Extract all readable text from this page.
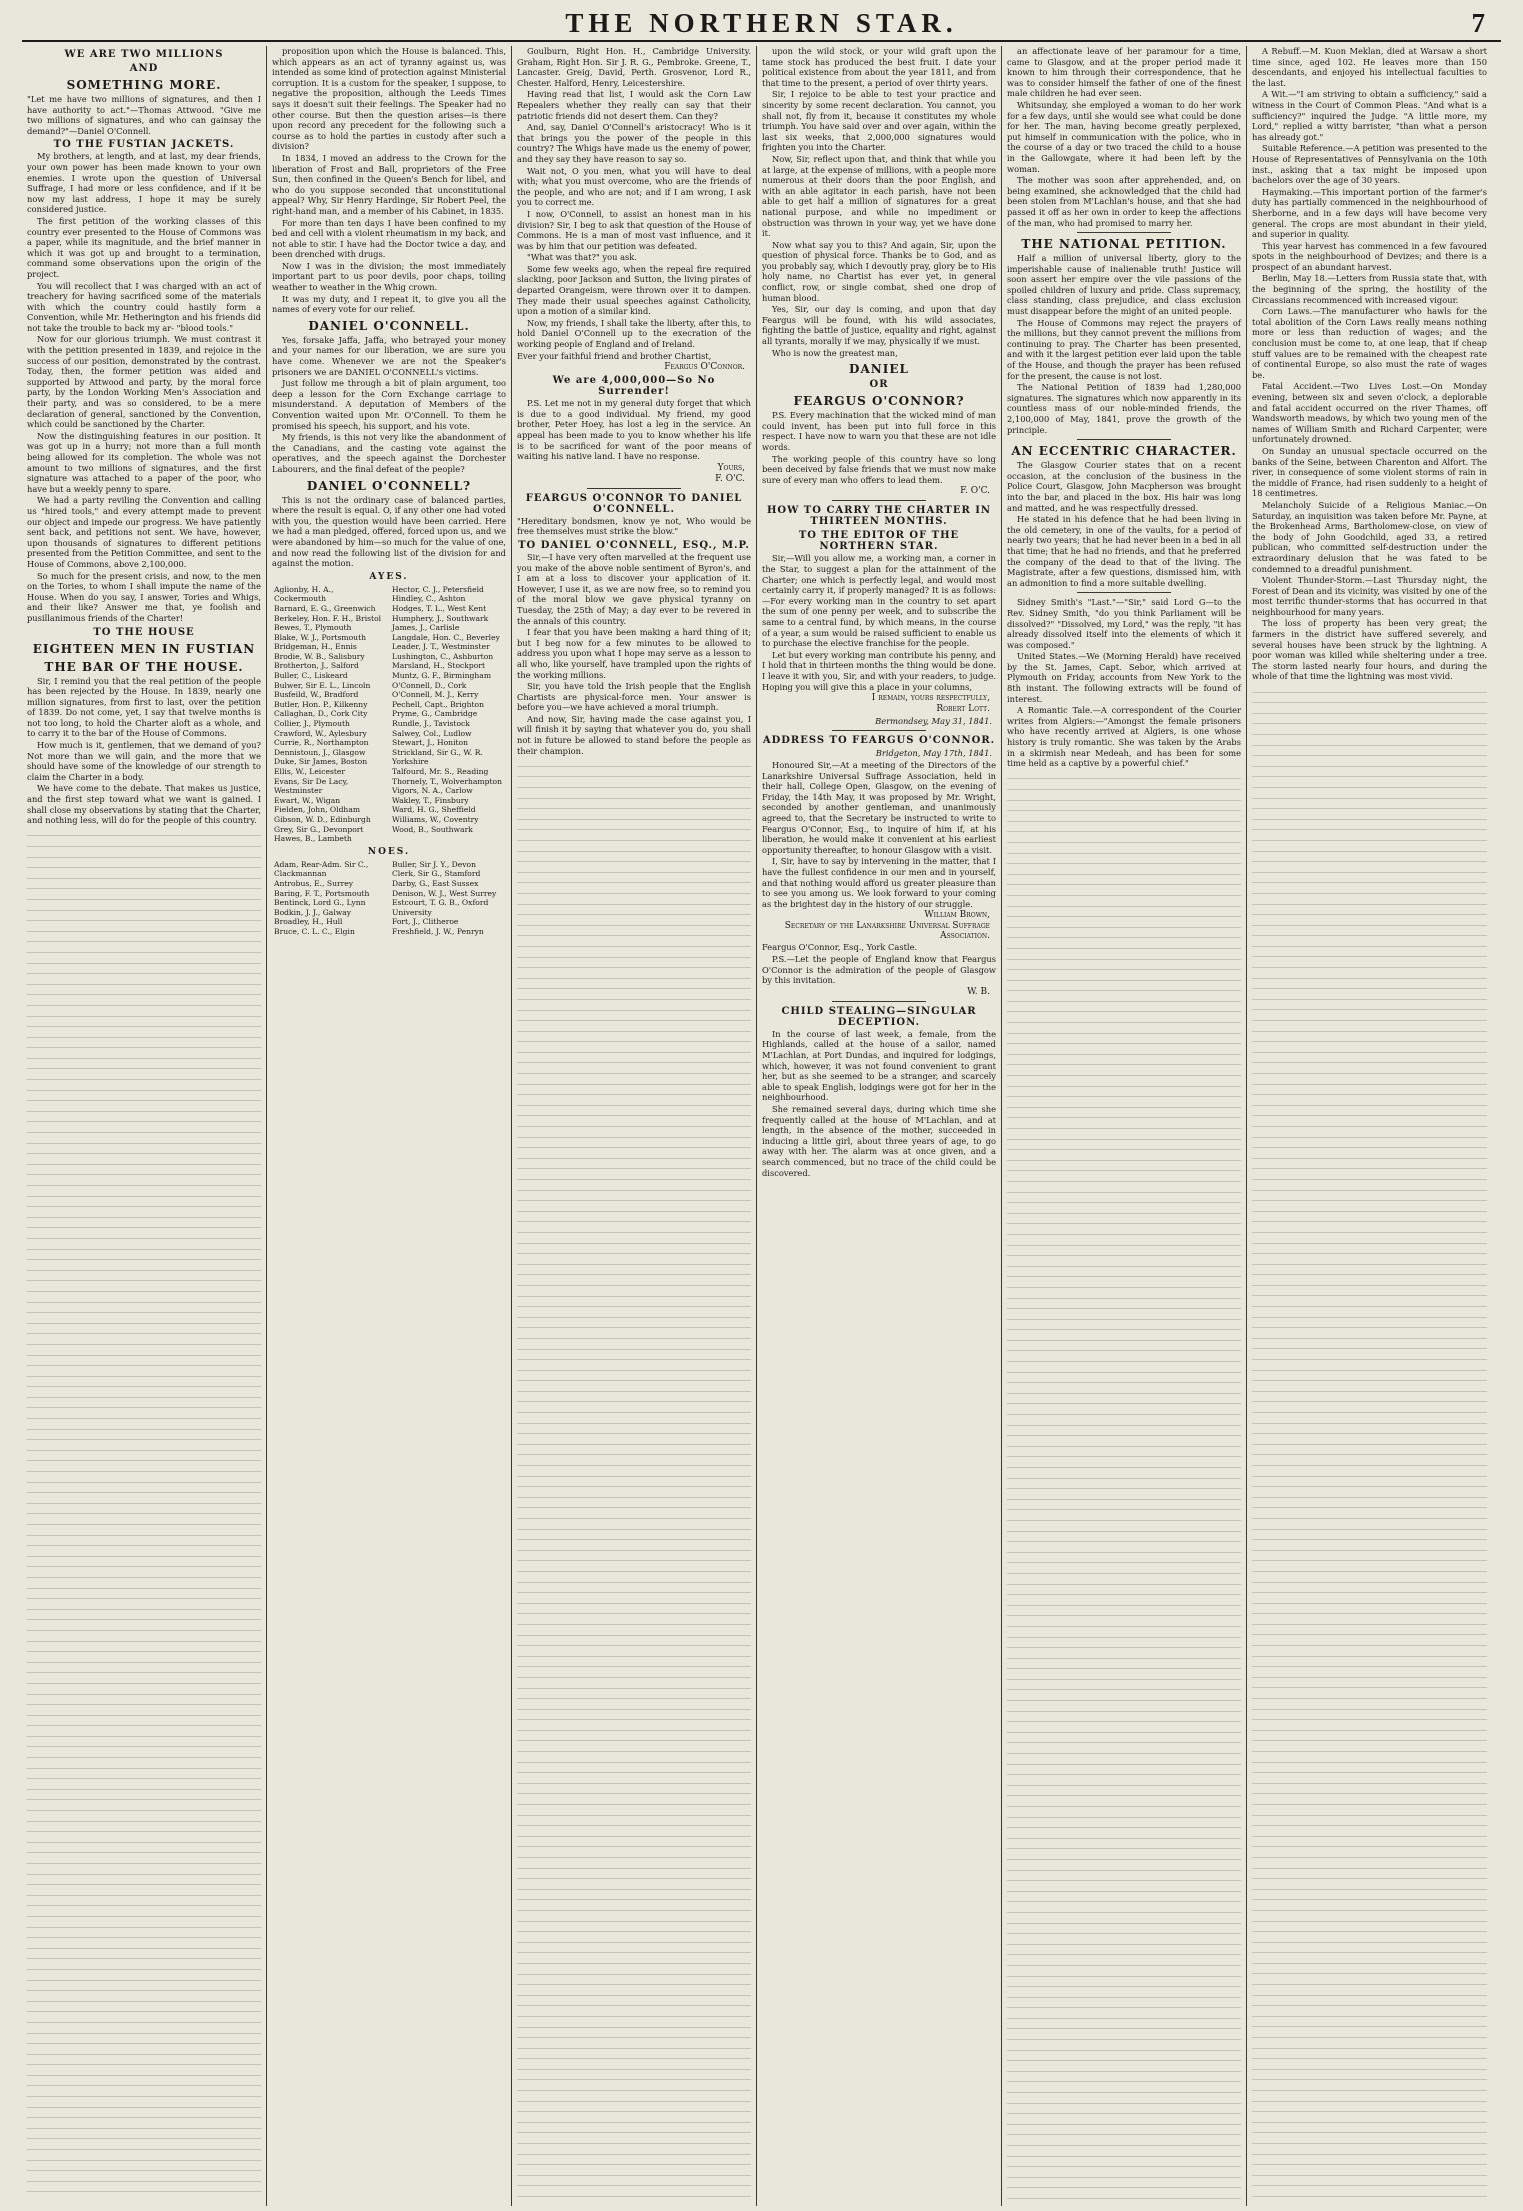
THE NORTHERN STAR.	7
WE ARE TWO MILLIONS
AND
SOMETHING MORE.

"Let me have two millions of signatures, and then I have authority to act."—Thomas Attwood. "Give me two millions of signatures, and who can gainsay the demand?"—Daniel O'Connell.

TO THE FUSTIAN JACKETS.

My brothers, at length, and at last, my dear friends, your own power has been made known to your own enemies. I wrote upon the question of Universal Suffrage, I had more or less confidence, and if it be now my last address, I hope it may be surely considered justice.

The first petition of the working classes of this country ever presented to the House of Commons was a paper, while its magnitude, and the brief manner in which it was got up and brought to a termination, command some observations upon the origin of the project.

You will recollect that I was charged with an act of treachery for having sacrificed some of the materials with which the country could hastily form a Convention, while Mr. Hetherington and his friends did not take the trouble to back my ar- "blood tools."

Now for our glorious triumph. We must contrast it with the petition presented in 1839, and rejoice in the success of our position, demonstrated by the contrast. Today, then, the former petition was aided and supported by Attwood and party, by the moral force party, by the London Working Men's Association and their party, and was so considered, to be a mere declaration of general, sanctioned by the Convention, which could be sanctioned by the Charter.

Now the distinguishing features in our position. It was got up in a hurry; not more than a full month being allowed for its completion. The whole was not amount to two millions of signatures, and the first signature was attached to a paper of the poor, who have but a weekly penny to spare.

We had a party reviling the Convention and calling us "hired tools," and every attempt made to prevent our object and impede our progress. We have patiently sent back, and petitions not sent. We have, however, upon thousands of signatures to different petitions presented from the Petition Committee, and sent to the House of Commons, above 2,100,000.

So much for the present crisis, and now, to the men on the Tories, to whom I shall impute the name of the House. When do you say, I answer, Tories and Whigs, and their like? Answer me that, ye foolish and pusillanimous friends of the Charter!

TO THE HOUSE
EIGHTEEN MEN IN FUSTIAN
THE BAR OF THE HOUSE.

Sir, I remind you that the real petition of the people has been rejected by the House. In 1839, nearly one million signatures, from first to last, over the petition of 1839. Do not come, yet, I say that twelve months is not too long, to hold the Charter aloft as a whole, and to carry it to the bar of the House of Commons.

How much is it, gentlemen, that we demand of you? Not more than we will gain, and the more that we should have some of the knowledge of our strength to claim the Charter in a body.

We have come to the debate. That makes us justice, and the first step toward what we want is gained. I shall close my observations by stating that the Charter, and nothing less, will do for the people of this country.

proposition upon which the House is balanced. This, which appears as an act of tyranny against us, was intended as some kind of protection against Ministerial corruption. It is a custom for the speaker, I suppose, to negative the proposition, although the Leeds Times says it doesn't suit their feelings. The Speaker had no other course. But then the question arises—is there upon record any precedent for the following such a course as to hold the parties in custody after such a division?

In 1834, I moved an address to the Crown for the liberation of Frost and Ball, proprietors of the Free Sun, then confined in the Queen's Bench for libel, and who do you suppose seconded that unconstitutional appeal? Why, Sir Henry Hardinge, Sir Robert Peel, the right-hand man, and a member of his Cabinet, in 1835.

For more than ten days I have been confined to my bed and cell with a violent rheumatism in my back, and not able to stir. I have had the Doctor twice a day, and been drenched with drugs.

Now I was in the division; the most immediately important part to us poor devils, poor chaps, toiling weather to weather in the Whig crown.

It was my duty, and I repeat it, to give you all the names of every vote for our relief.

DANIEL O'CONNELL.

Yes, forsake Jaffa, Jaffa, who betrayed your money and your names for our liberation, we are sure you have come. Whenever we are not the Speaker's prisoners we are DANIEL O'CONNELL's victims.

Just follow me through a bit of plain argument, too deep a lesson for the Corn Exchange carriage to misunderstand. A deputation of Members of the Convention waited upon Mr. O'Connell. To them he promised his speech, his support, and his vote.

My friends, is this not very like the abandonment of the Canadians, and the casting vote against the operatives, and the speech against the Dorchester Labourers, and the final defeat of the people?

DANIEL O'CONNELL?

This is not the ordinary case of balanced parties, where the result is equal. O, if any other one had voted with you, the question would have been carried. Here we had a man pledged, offered, forced upon us, and we were abandoned by him—so much for the value of one, and now read the following list of the division for and against the motion.

AYES.
Aglionby, H. A., Cockermouth
Barnard, E. G., Greenwich
Berkeley, Hon. F. H., Bristol
Bewes, T., Plymouth
Blake, W. J., Portsmouth
Bridgeman, H., Ennis
Brodie, W. B., Salisbury
Brotherton, J., Salford
Buller, C., Liskeard
Bulwer, Sir E. L., Lincoln
Busfeild, W., Bradford
Butler, Hon. P., Kilkenny
Callaghan, D., Cork City
Collier, J., Plymouth
Crawford, W., Aylesbury
Currie, R., Northampton
Dennistoun, J., Glasgow
Duke, Sir James, Boston
Ellis, W., Leicester
Evans, Sir De Lacy, Westminster
Ewart, W., Wigan
Fielden, John, Oldham
Gibson, W. D., Edinburgh
Grey, Sir G., Devonport
Hawes, B., Lambeth
Hector, C. J., Petersfield
Hindley, C., Ashton
Hodges, T. L., West Kent
Humphery, J., Southwark
James, J., Carlisle
Langdale, Hon. C., Beverley
Leader, J. T., Westminster
Lushington, C., Ashburton
Marsland, H., Stockport
Muntz, G. F., Birmingham
O'Connell, D., Cork
O'Connell, M. J., Kerry
Pechell, Capt., Brighton
Pryme, G., Cambridge
Rundle, J., Tavistock
Salwey, Col., Ludlow
Stewart, J., Honiton
Strickland, Sir G., W. R. Yorkshire
Talfourd, Mr. S., Reading
Thornely, T., Wolverhampton
Vigors, N. A., Carlow
Wakley, T., Finsbury
Ward, H. G., Sheffield
Williams, W., Coventry
Wood, B., Southwark
NOES.
Adam, Rear-Adm. Sir C., Clackmannan
Antrobus, E., Surrey
Baring, F. T., Portsmouth
Bentinck, Lord G., Lynn
Bodkin, J. J., Galway
Broadley, H., Hull
Bruce, C. L. C., Elgin
Buller, Sir J. Y., Devon
Clerk, Sir G., Stamford
Darby, G., East Sussex
Denison, W. J., West Surrey
Estcourt, T. G. B., Oxford University
Fort, J., Clitheroe
Freshfield, J. W., Penryn

Goulburn, Right Hon. H., Cambridge University. Graham, Right Hon. Sir J. R. G., Pembroke. Greene, T., Lancaster. Greig, David, Perth. Grosvenor, Lord R., Chester. Halford, Henry, Leicestershire.

Having read that list, I would ask the Corn Law Repealers whether they really can say that their patriotic friends did not desert them. Can they?

And, say, Daniel O'Connell's aristocracy! Who is it that brings you the power of the people in this country? The Whigs have made us the enemy of power, and they say they have reason to say so.

Wait not, O you men, what you will have to deal with; what you must overcome, who are the friends of the people, and who are not; and if I am wrong, I ask you to correct me.

I now, O'Connell, to assist an honest man in his division? Sir, I beg to ask that question of the House of Commons. He is a man of most vast influence, and it was by him that our petition was defeated.

"What was that?" you ask.

Some few weeks ago, when the repeal fire required slacking, poor Jackson and Sutton, the living pirates of departed Orangeism, were thrown over it to dampen. They made their usual speeches against Catholicity, upon a motion of a similar kind.

Now, my friends, I shall take the liberty, after this, to hold Daniel O'Connell up to the execration of the working people of England and of Ireland.

Ever your faithful friend and brother Chartist,

Feargus O'Connor.
We are 4,000,000—So No Surrender!

P.S. Let me not in my general duty forget that which is due to a good individual. My friend, my good brother, Peter Hoey, has lost a leg in the service. An appeal has been made to you to know whether his life is to be sacrificed for want of the poor means of waiting his native land. I have no response.

Yours,
F. O'C.
FEARGUS O'CONNOR TO DANIEL O'CONNELL.

"Hereditary bondsmen, know ye not, Who would be free themselves must strike the blow."

TO DANIEL O'CONNELL, ESQ., M.P.

Sir,—I have very often marvelled at the frequent use you make of the above noble sentiment of Byron's, and I am at a loss to discover your application of it. However, I use it, as we are now free, so to remind you of the moral blow we gave physical tyranny on Tuesday, the 25th of May; a day ever to be revered in the annals of this country.

I fear that you have been making a hard thing of it; but I beg now for a few minutes to be allowed to address you upon what I hope may serve as a lesson to all who, like yourself, have trampled upon the rights of the working millions.

Sir, you have told the Irish people that the English Chartists are physical-force men. Your answer is before you—we have achieved a moral triumph.

And now, Sir, having made the case against you, I will finish it by saying that whatever you do, you shall not in future be allowed to stand before the people as their champion.

upon the wild stock, or your wild graft upon the tame stock has produced the best fruit. I date your political existence from about the year 1811, and from that time to the present, a period of over thirty years.

Sir, I rejoice to be able to test your practice and sincerity by some recent declaration. You cannot, you shall not, fly from it, because it constitutes my whole triumph. You have said over and over again, within the last six weeks, that 2,000,000 signatures would frighten you into the Charter.

Now, Sir, reflect upon that, and think that while you at large, at the expense of millions, with a people more numerous at their doors than the poor English, and with an able agitator in each parish, have not been able to get half a million of signatures for a great national purpose, and while no impediment or obstruction was thrown in your way, yet we have done it.

Now what say you to this? And again, Sir, upon the question of physical force. Thanks be to God, and as you probably say, which I devoutly pray, glory be to His holy name, no Chartist has ever yet, in general conflict, row, or single combat, shed one drop of human blood.

Yes, Sir, our day is coming, and upon that day Feargus will be found, with his wild associates, fighting the battle of justice, equality and right, against all tyrants, morally if we may, physically if we must.

Who is now the greatest man,

DANIEL
OR
FEARGUS O'CONNOR?

P.S. Every machination that the wicked mind of man could invent, has been put into full force in this respect. I have now to warn you that these are not idle words.

The working people of this country have so long been deceived by false friends that we must now make sure of every man who offers to lead them.

F. O'C.
HOW TO CARRY THE CHARTER IN THIRTEEN MONTHS.
TO THE EDITOR OF THE NORTHERN STAR.

Sir,—Will you allow me, a working man, a corner in the Star, to suggest a plan for the attainment of the Charter; one which is perfectly legal, and would most certainly carry it, if properly managed? It is as follows:—For every working man in the country to set apart the sum of one penny per week, and to subscribe the same to a central fund, by which means, in the course of a year, a sum would be raised sufficient to enable us to purchase the elective franchise for the people.

Let but every working man contribute his penny, and I hold that in thirteen months the thing would be done. I leave it with you, Sir, and with your readers, to judge. Hoping you will give this a place in your columns,

I remain, yours respectfully,
Robert Lott.
Bermondsey, May 31, 1841.
ADDRESS TO FEARGUS O'CONNOR.
Bridgeton, May 17th, 1841.

Honoured Sir,—At a meeting of the Directors of the Lanarkshire Universal Suffrage Association, held in their hall, College Open, Glasgow, on the evening of Friday, the 14th May, it was proposed by Mr. Wright, seconded by another gentleman, and unanimously agreed to, that the Secretary be instructed to write to Feargus O'Connor, Esq., to inquire of him if, at his liberation, he would make it convenient at his earliest opportunity thereafter, to honour Glasgow with a visit.

I, Sir, have to say by intervening in the matter, that I have the fullest confidence in our men and in yourself, and that nothing would afford us greater pleasure than to see you among us. We look forward to your coming as the brightest day in the history of our struggle.

William Brown,
Secretary of the Lanarkshire Universal Suffrage Association.

Feargus O'Connor, Esq., York Castle.

P.S.—Let the people of England know that Feargus O'Connor is the admiration of the people of Glasgow by this invitation.

W. B.
CHILD STEALING—SINGULAR DECEPTION.

In the course of last week, a female, from the Highlands, called at the house of a sailor, named M'Lachlan, at Port Dundas, and inquired for lodgings, which, however, it was not found convenient to grant her, but as she seemed to be a stranger, and scarcely able to speak English, lodgings were got for her in the neighbourhood.

She remained several days, during which time she frequently called at the house of M'Lachlan, and at length, in the absence of the mother, succeeded in inducing a little girl, about three years of age, to go away with her. The alarm was at once given, and a search commenced, but no trace of the child could be discovered.

an affectionate leave of her paramour for a time, came to Glasgow, and at the proper period made it known to him through their correspondence, that he was to consider himself the father of one of the finest male children he had ever seen.

Whitsunday, she employed a woman to do her work for a few days, until she would see what could be done for her. The man, having become greatly perplexed, put himself in communication with the police, who in the course of a day or two traced the child to a house in the Gallowgate, where it had been left by the woman.

The mother was soon after apprehended, and, on being examined, she acknowledged that the child had been stolen from M'Lachlan's house, and that she had passed it off as her own in order to keep the affections of the man, who had promised to marry her.

THE NATIONAL PETITION.

Half a million of universal liberty, glory to the imperishable cause of inalienable truth! Justice will soon assert her empire over the vile passions of the spoiled children of luxury and pride. Class supremacy, class standing, class prejudice, and class exclusion must disappear before the might of an united people.

The House of Commons may reject the prayers of the millions, but they cannot prevent the millions from continuing to pray. The Charter has been presented, and with it the largest petition ever laid upon the table of the House, and though the prayer has been refused for the present, the cause is not lost.

The National Petition of 1839 had 1,280,000 signatures. The signatures which now apparently in its countless mass of our noble-minded friends, the 2,100,000 of May, 1841, prove the growth of the principle.

AN ECCENTRIC CHARACTER.

The Glasgow Courier states that on a recent occasion, at the conclusion of the business in the Police Court, Glasgow, John Macpherson was brought into the bar, and placed in the box. His hair was long and matted, and he was respectfully dressed.

He stated in his defence that he had been living in the old cemetery, in one of the vaults, for a period of nearly two years; that he had never been in a bed in all that time; that he had no friends, and that he preferred the company of the dead to that of the living. The Magistrate, after a few questions, dismissed him, with an admonition to find a more suitable dwelling.

Sidney Smith's "Last."—"Sir," said Lord G—to the Rev. Sidney Smith, "do you think Parliament will be dissolved?" "Dissolved, my Lord," was the reply, "it has already dissolved itself into the elements of which it was composed."

United States.—We (Morning Herald) have received by the St. James, Capt. Sebor, which arrived at Plymouth on Friday, accounts from New York to the 8th instant. The following extracts will be found of interest.

A Romantic Tale.—A correspondent of the Courier writes from Algiers:—"Amongst the female prisoners who have recently arrived at Algiers, is one whose history is truly romantic. She was taken by the Arabs in a skirmish near Medeah, and has been for some time held as a captive by a powerful chief."

A Rebuff.—M. Kuon Meklan, died at Warsaw a short time since, aged 102. He leaves more than 150 descendants, and enjoyed his intellectual faculties to the last.

A Wit.—"I am striving to obtain a sufficiency," said a witness in the Court of Common Pleas. "And what is a sufficiency?" inquired the Judge. "A little more, my Lord," replied a witty barrister, "than what a person has already got."

Suitable Reference.—A petition was presented to the House of Representatives of Pennsylvania on the 10th inst., asking that a tax might be imposed upon bachelors over the age of 30 years.

Haymaking.—This important portion of the farmer's duty has partially commenced in the neighbourhood of Sherborne, and in a few days will have become very general. The crops are most abundant in their yield, and superior in quality.

This year harvest has commenced in a few favoured spots in the neighbourhood of Devizes; and there is a prospect of an abundant harvest.

Berlin, May 18.—Letters from Russia state that, with the beginning of the spring, the hostility of the Circassians recommenced with increased vigour.

Corn Laws.—The manufacturer who hawls for the total abolition of the Corn Laws really means nothing more or less than reduction of wages; and the conclusion must be come to, at one leap, that if cheap stuff values are to be remained with the cheapest rate of continental Europe, so also must the rate of wages be.

Fatal Accident.—Two Lives Lost.—On Monday evening, between six and seven o'clock, a deplorable and fatal accident occurred on the river Thames, off Wandsworth meadows, by which two young men of the names of William Smith and Richard Carpenter, were unfortunately drowned.

On Sunday an unusual spectacle occurred on the banks of the Seine, between Charenton and Alfort. The river, in consequence of some violent storms of rain in the middle of France, had risen suddenly to a height of 18 centimetres.

Melancholy Suicide of a Religious Maniac.—On Saturday, an inquisition was taken before Mr. Payne, at the Brokenhead Arms, Bartholomew-close, on view of the body of John Goodchild, aged 33, a retired publican, who committed self-destruction under the extraordinary delusion that he was fated to be condemned to a dreadful punishment.

Violent Thunder-Storm.—Last Thursday night, the Forest of Dean and its vicinity, was visited by one of the most terrific thunder-storms that has occurred in that neighbourhood for many years.

The loss of property has been very great; the farmers in the district have suffered severely, and several houses have been struck by the lightning. A poor woman was killed while sheltering under a tree. The storm lasted nearly four hours, and during the whole of that time the lightning was most vivid.
